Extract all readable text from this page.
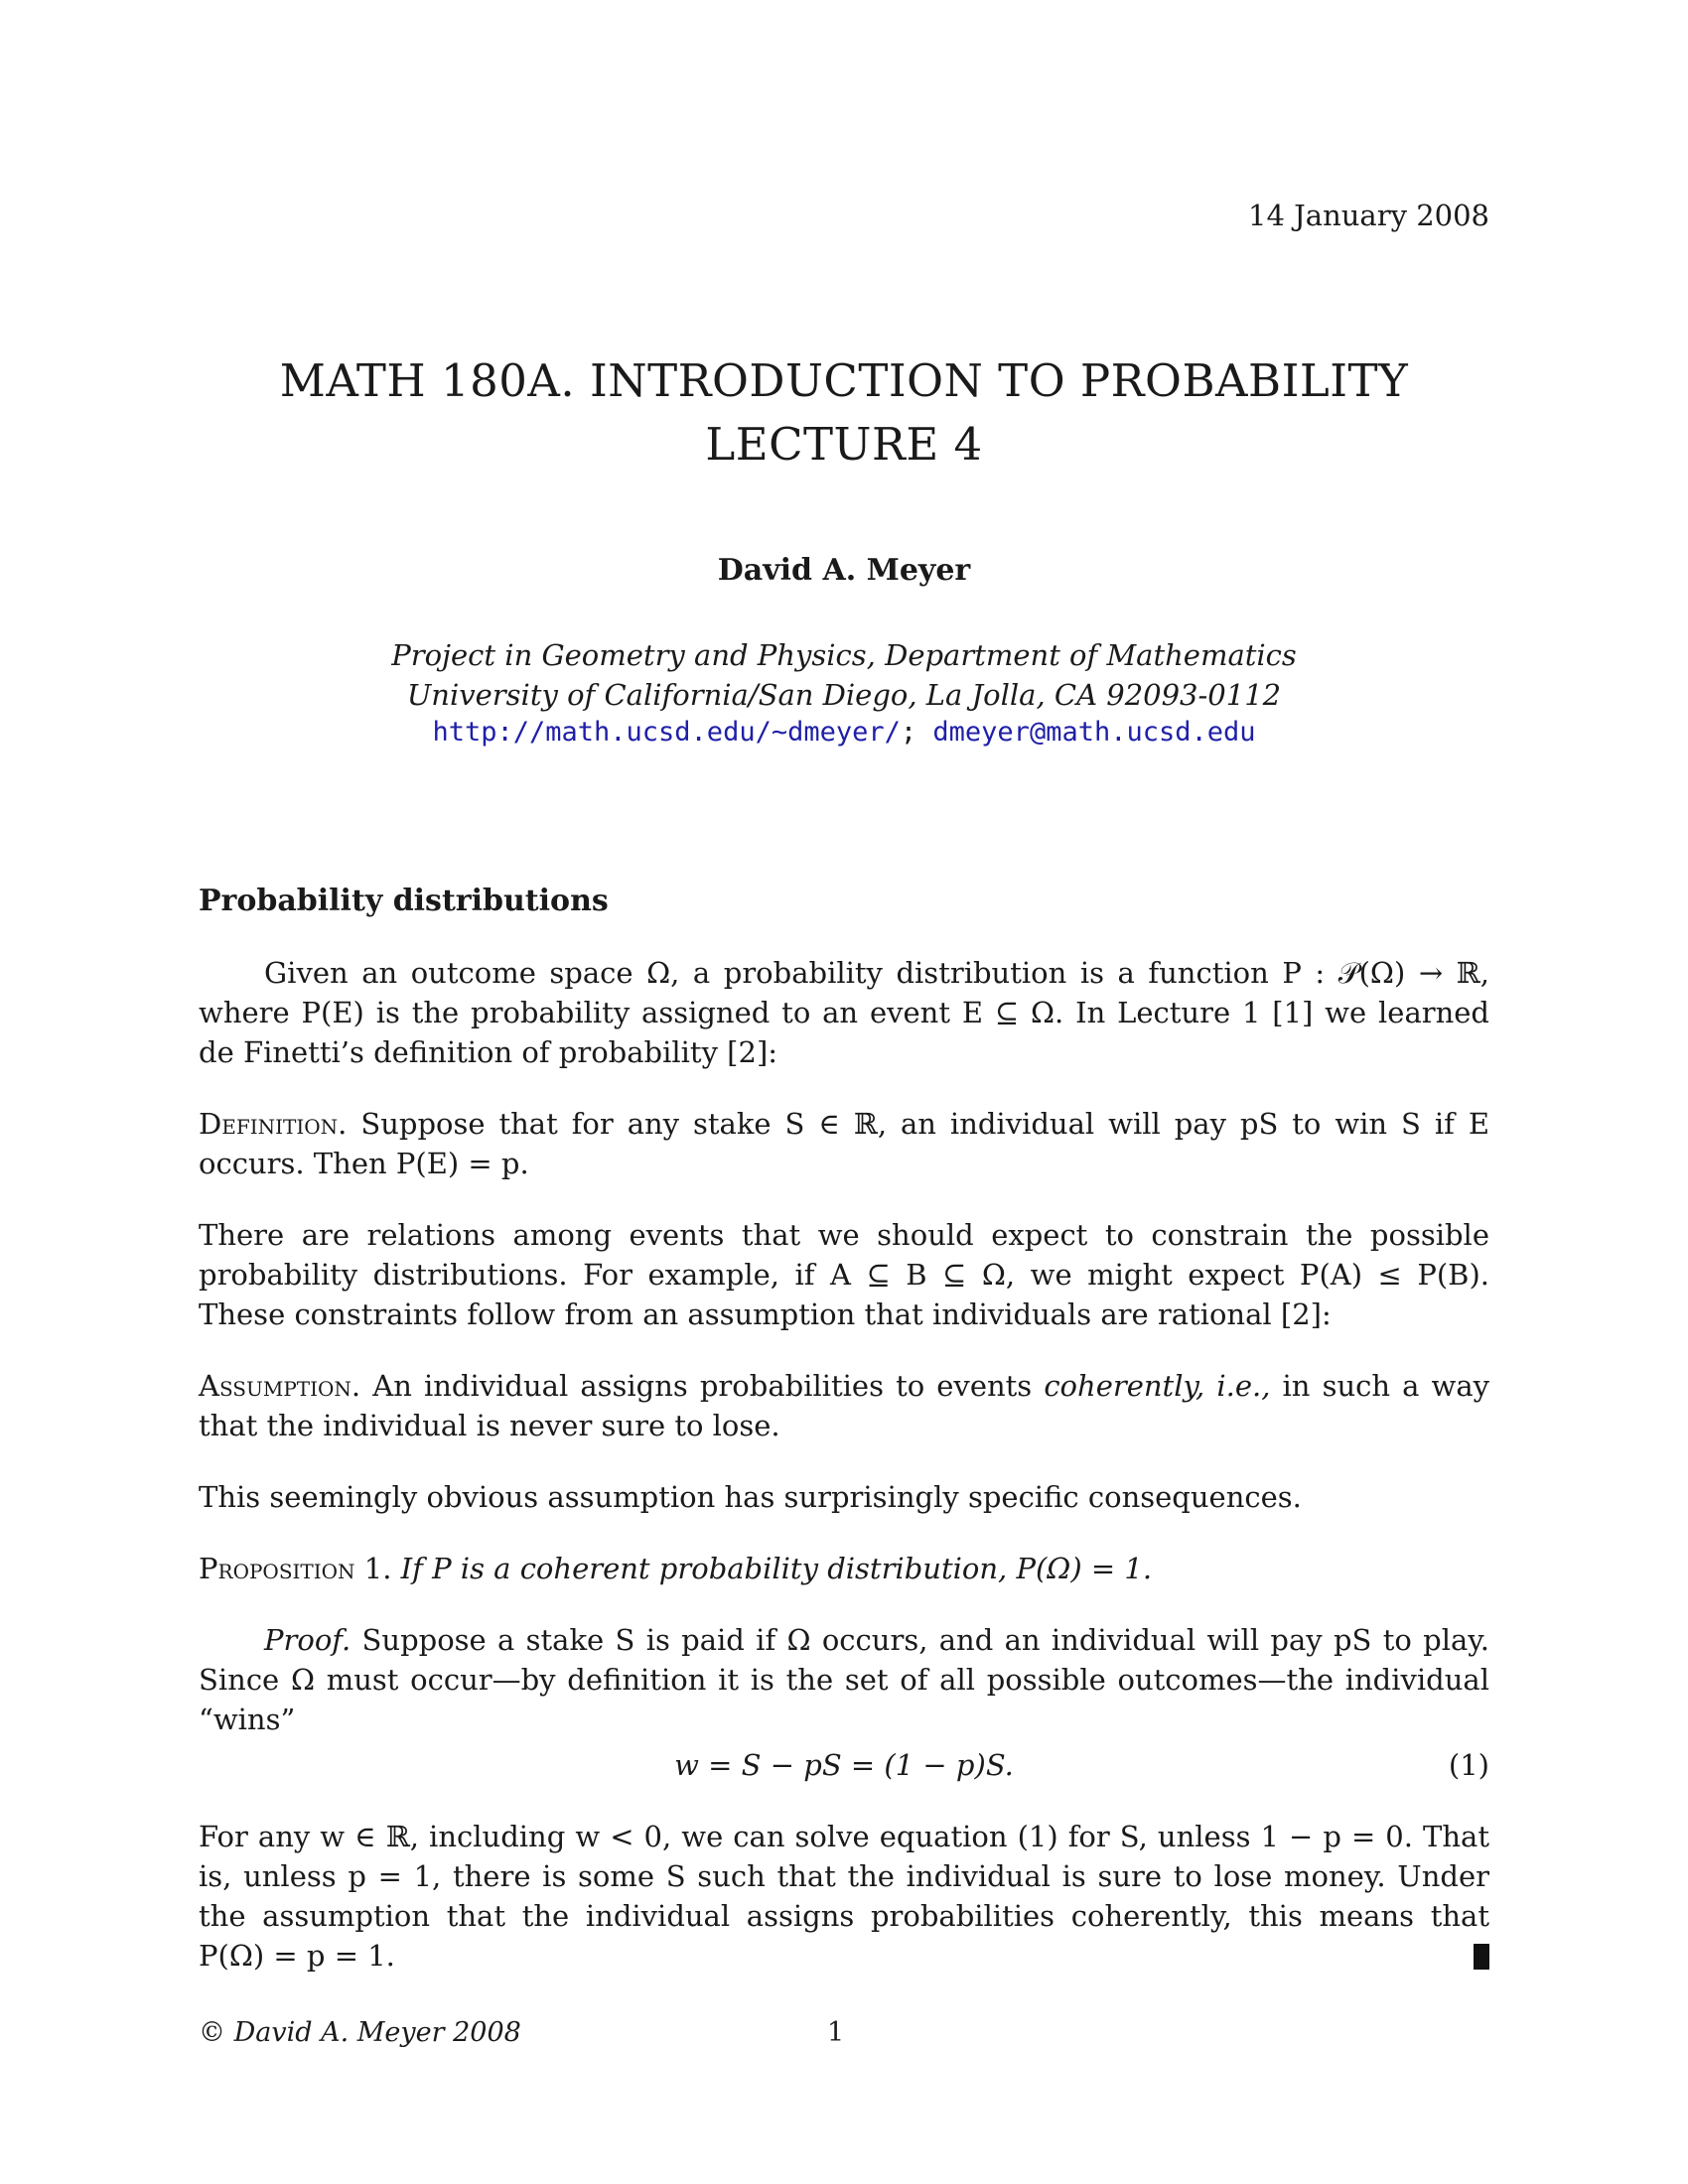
14 January 2008
MATH 180A. INTRODUCTION TO PROBABILITY
LECTURE 4
David A. Meyer
Project in Geometry and Physics, Department of Mathematics
University of California/San Diego, La Jolla, CA 92093-0112
http://math.ucsd.edu/~dmeyer/; dmeyer@math.ucsd.edu
Probability distributions

Given an outcome space Ω, a probability distribution is a function P : 𝒫(Ω) → ℝ, where P(E) is the probability assigned to an event E ⊆ Ω. In Lecture 1 [1] we learned de Finetti’s definition of probability [2]:

Definition. Suppose that for any stake S ∈ ℝ, an individual will pay pS to win S if E occurs. Then P(E) = p.

There are relations among events that we should expect to constrain the possible probability distributions. For example, if A ⊆ B ⊆ Ω, we might expect P(A) ≤ P(B). These constraints follow from an assumption that individuals are rational [2]:

Assumption. An individual assigns probabilities to events coherently, i.e., in such a way that the individual is never sure to lose.

This seemingly obvious assumption has surprisingly specific consequences.

Proposition 1. If P is a coherent probability distribution, P(Ω) = 1.

Proof. Suppose a stake S is paid if Ω occurs, and an individual will pay pS to play. Since Ω must occur—by definition it is the set of all possible outcomes—the individual “wins”

w = S − pS = (1 − p)S.	(1)

For any w ∈ ℝ, including w < 0, we can solve equation (1) for S, unless 1 − p = 0. That is, unless p = 1, there is some S such that the individual is sure to lose money. Under the assumption that the individual assigns probabilities coherently, this means that P(Ω) = p = 1.

© David A. Meyer 2008	1
